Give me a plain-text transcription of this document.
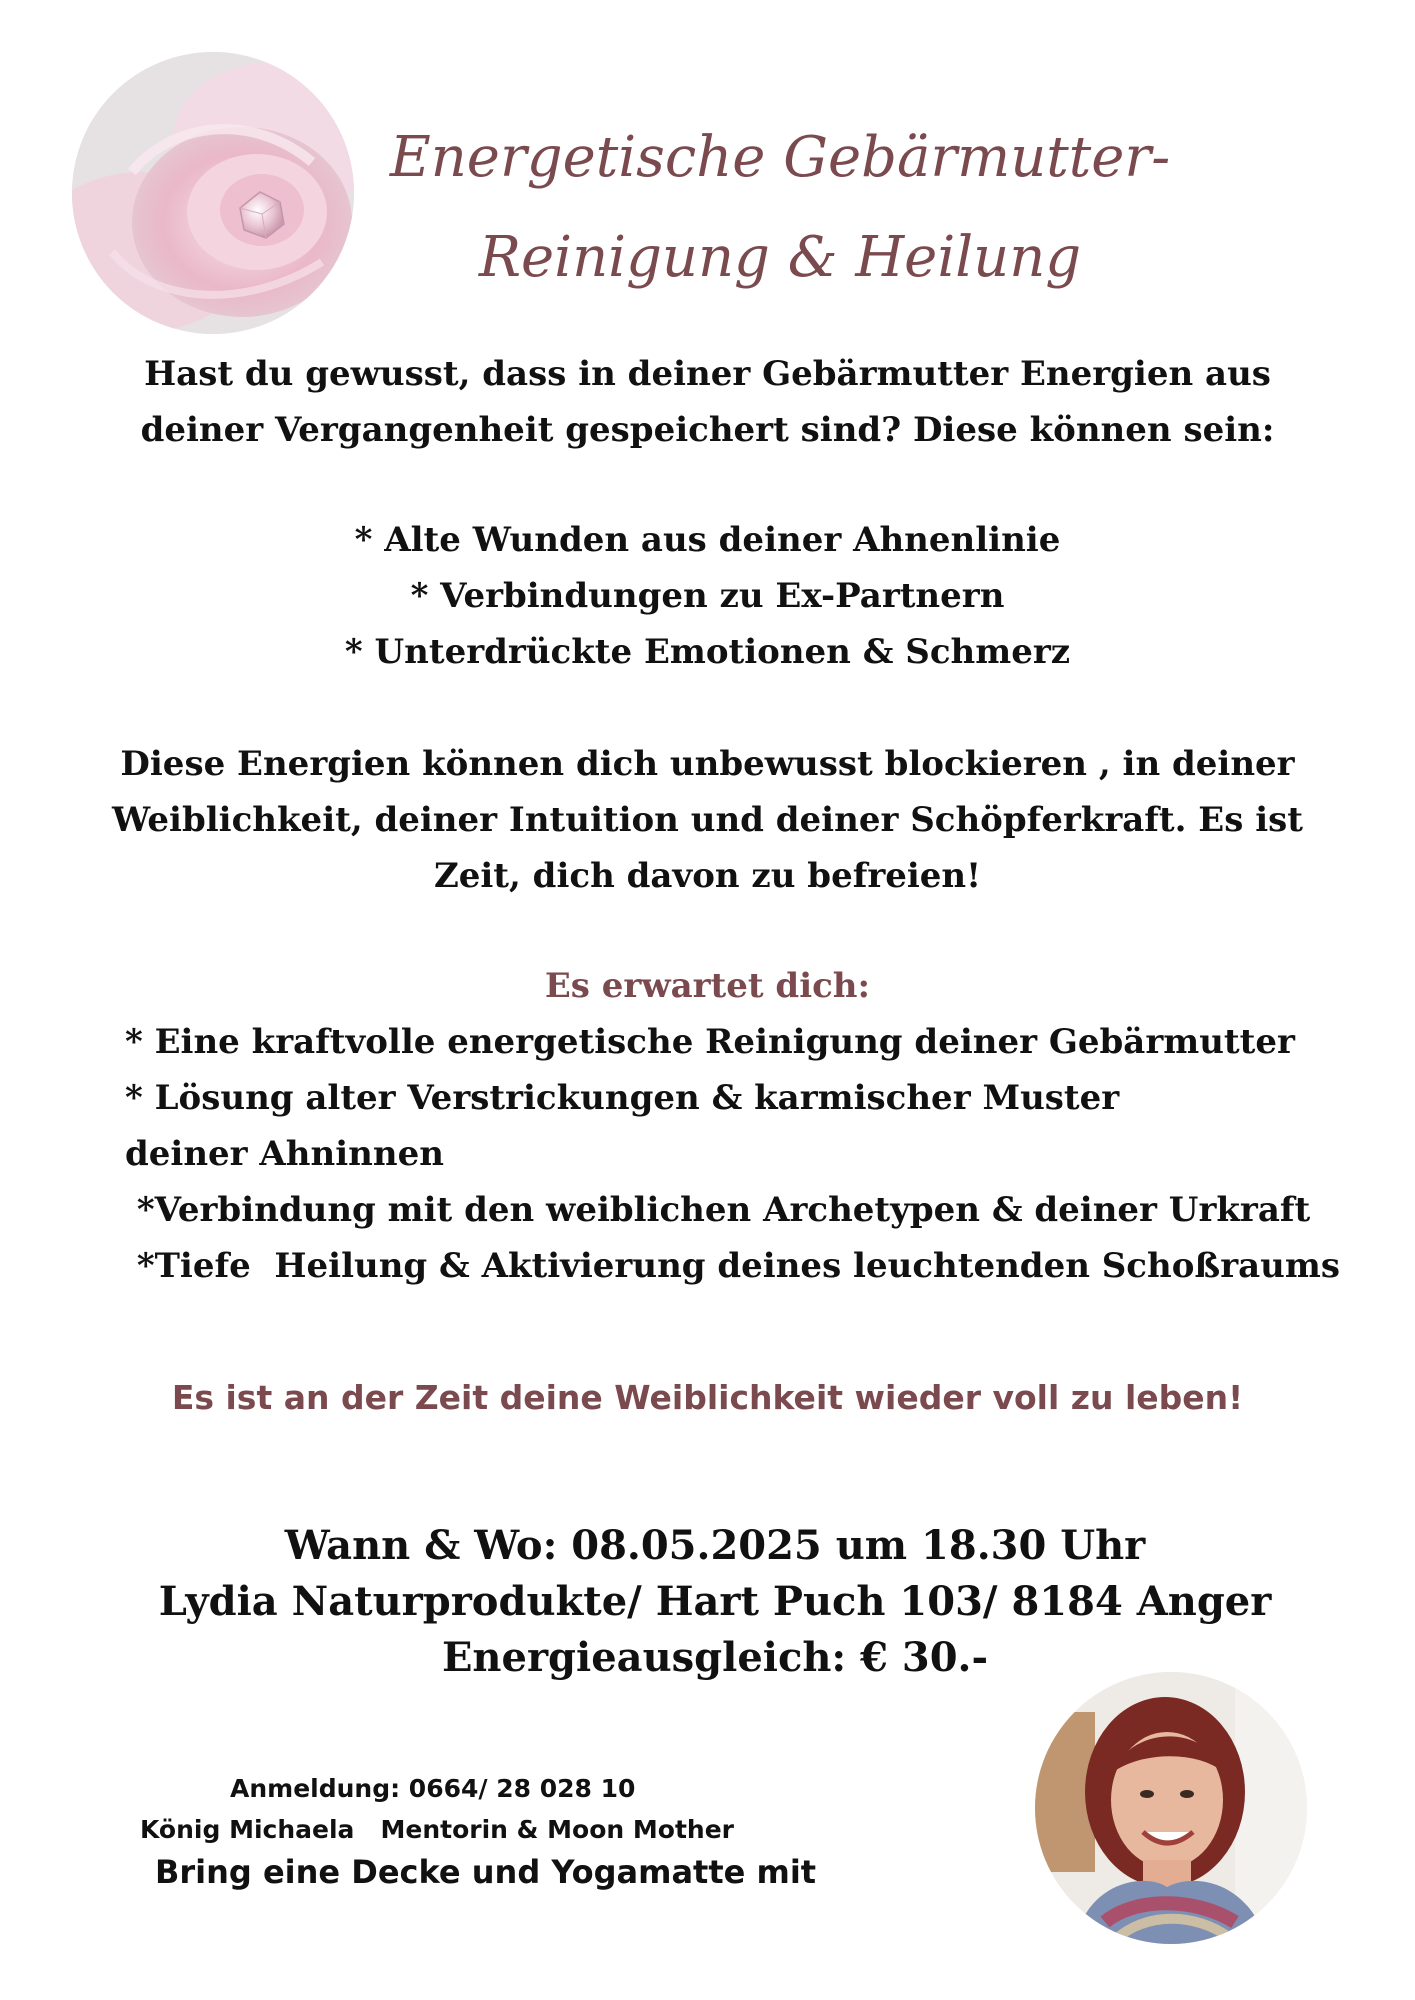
Energetische Gebärmutter-
Reinigung & Heilung
Hast du gewusst, dass in deiner Gebärmutter Energien aus
deiner Vergangenheit gespeichert sind? Diese können sein:
* Alte Wunden aus deiner Ahnenlinie
* Verbindungen zu Ex-Partnern
* Unterdrückte Emotionen & Schmerz
Diese Energien können dich unbewusst blockieren , in deiner
Weiblichkeit, deiner Intuition und deiner Schöpferkraft. Es ist
Zeit, dich davon zu befreien!
Es erwartet dich:
* Eine kraftvolle energetische Reinigung deiner Gebärmutter
* Lösung alter Verstrickungen & karmischer Muster
deiner Ahninnen
*Verbindung mit den weiblichen Archetypen & deiner Urkraft
*Tiefe  Heilung & Aktivierung deines leuchtenden Schoßraums
Es ist an der Zeit deine Weiblichkeit wieder voll zu leben!
Wann & Wo: 08.05.2025 um 18.30 Uhr
Lydia Naturprodukte/ Hart Puch 103/ 8184 Anger
Energieausgleich: € 30.-
Anmeldung: 0664/ 28 028 10
König Michaela   Mentorin & Moon Mother
Bring eine Decke und Yogamatte mit
